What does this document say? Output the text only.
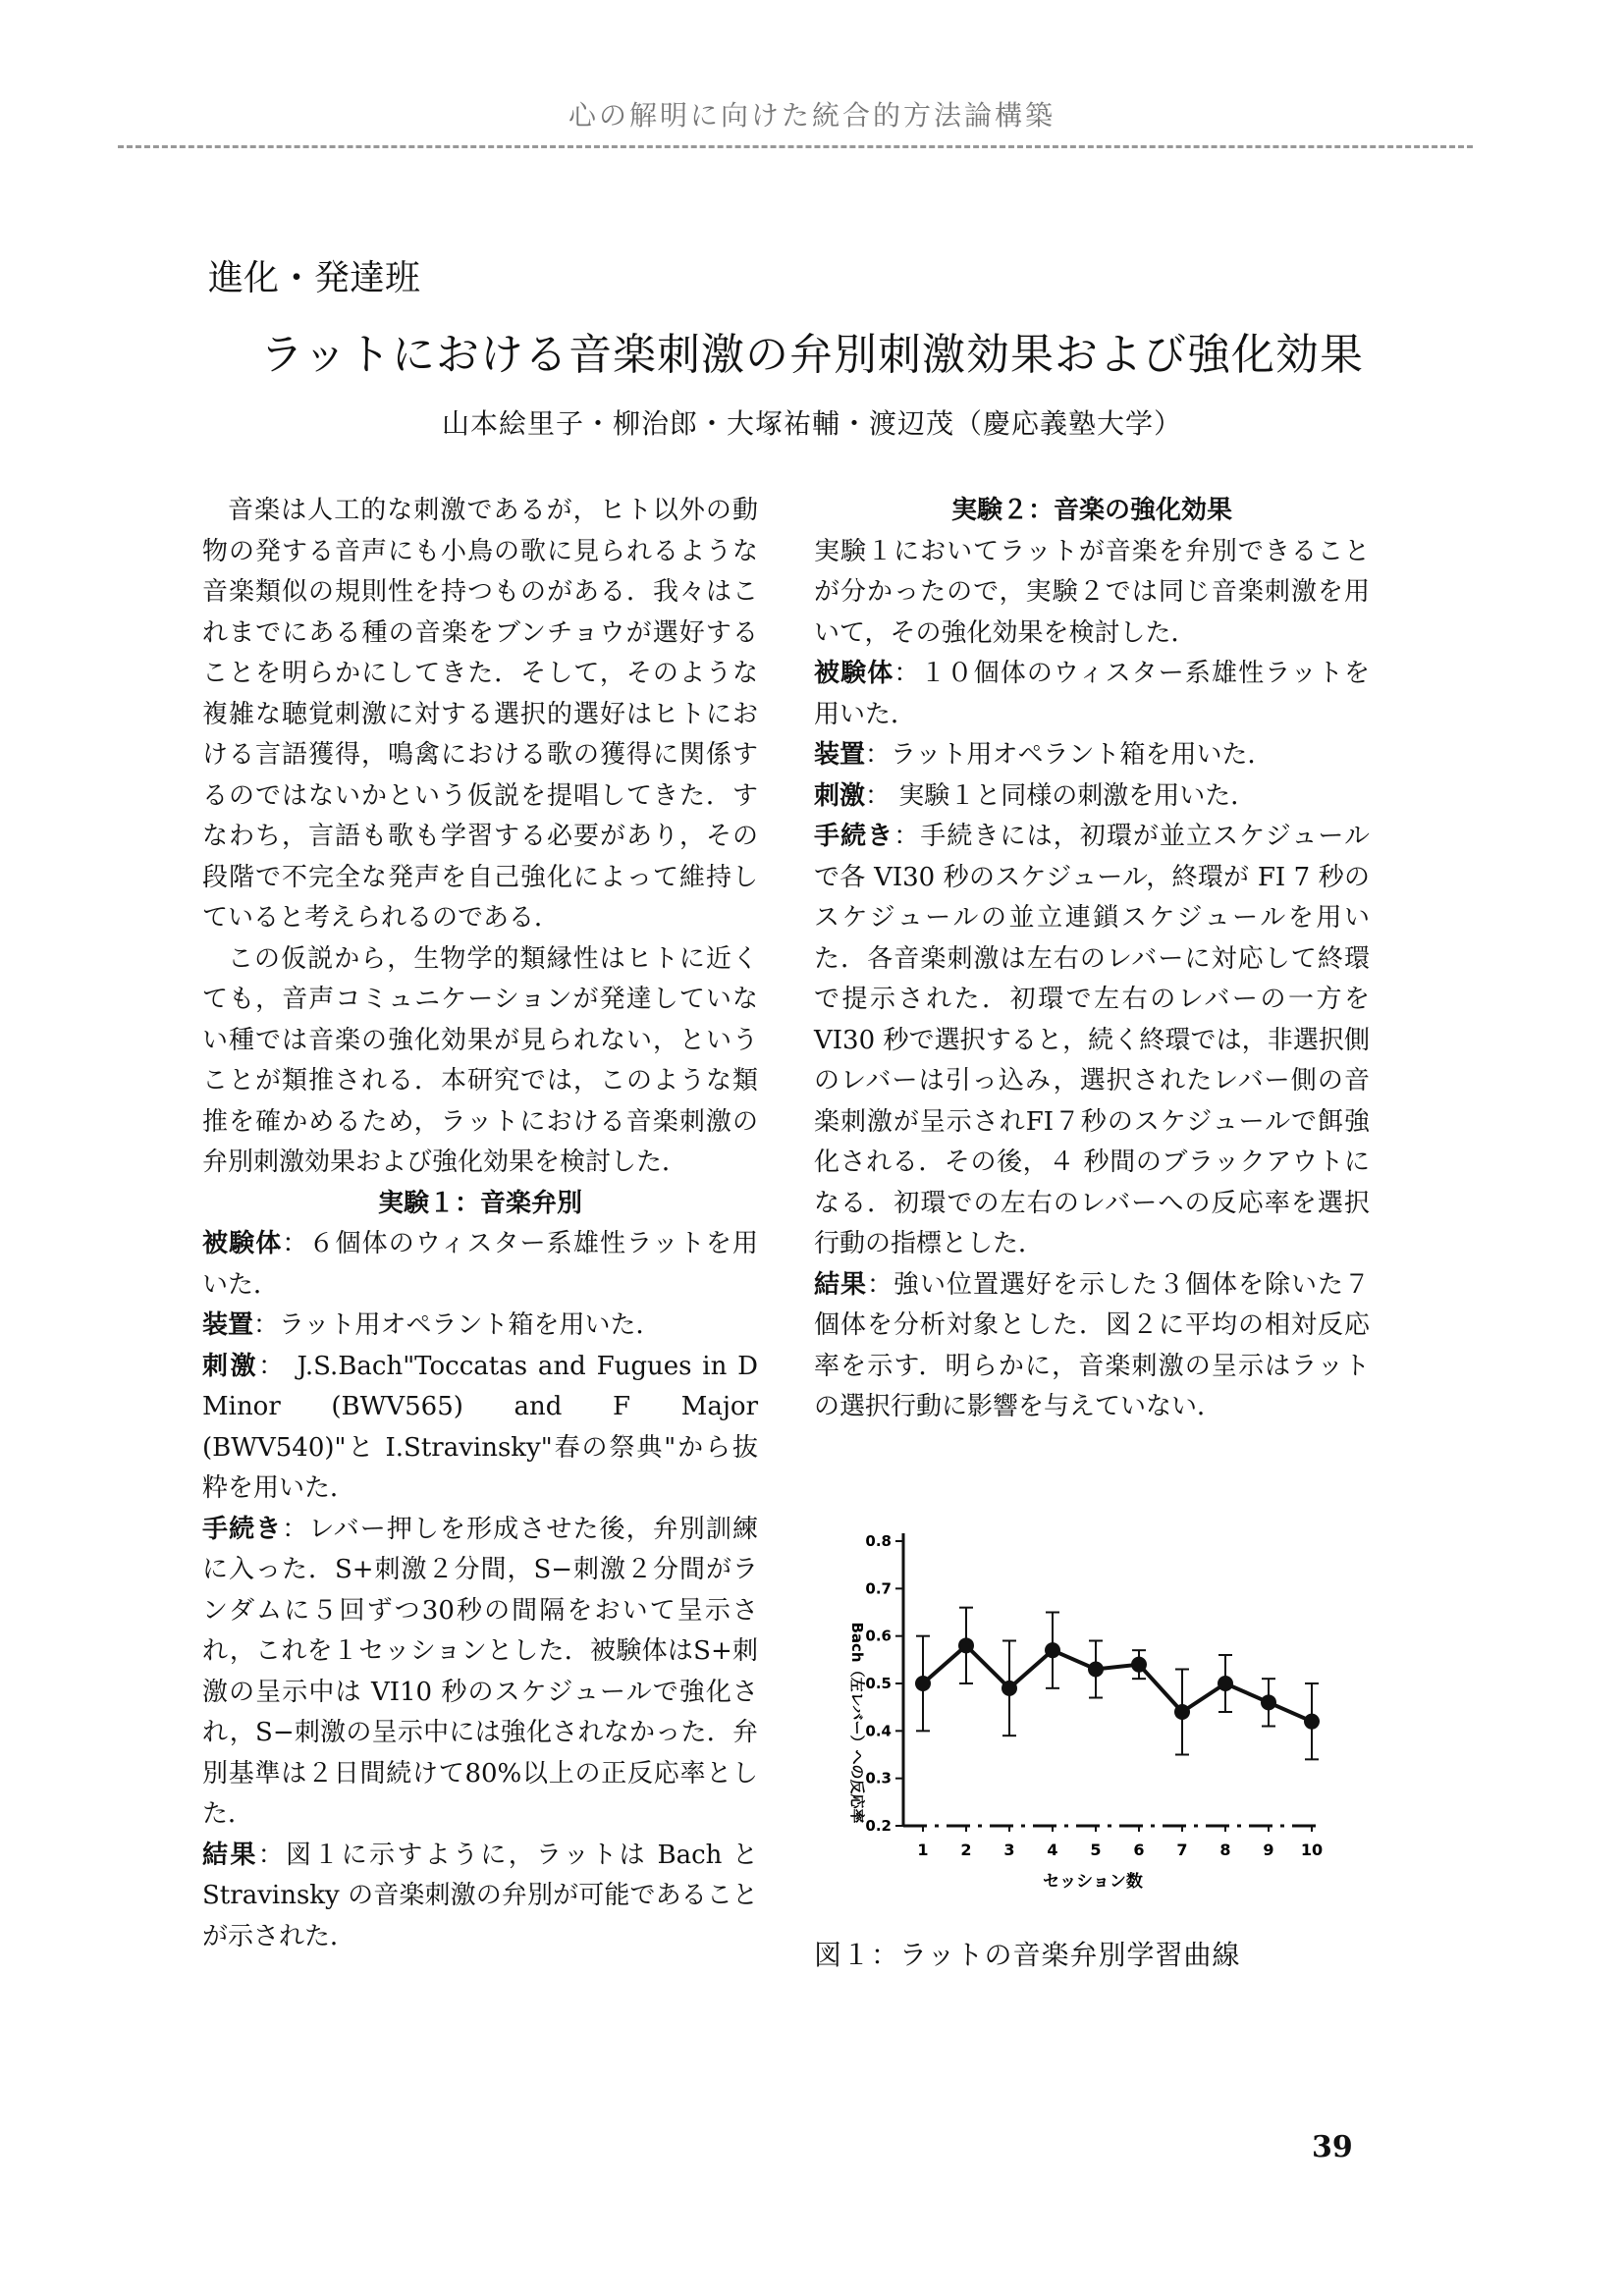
心の解明に向けた統合的方法論構築
進化・発達班
ラットにおける音楽刺激の弁別刺激効果および強化効果
山本絵里子・柳治郎・大塚祐輔・渡辺茂（慶応義塾大学）

音楽は人工的な刺激であるが，ヒト以外の動物の発する音声にも小鳥の歌に見られるような音楽類似の規則性を持つものがある．我々はこれまでにある種の音楽をブンチョウが選好することを明らかにしてきた．そして，そのような複雑な聴覚刺激に対する選択的選好はヒトにおける言語獲得，鳴禽における歌の獲得に関係するのではないかという仮説を提唱してきた．すなわち，言語も歌も学習する必要があり，その段階で不完全な発声を自己強化によって維持していると考えられるのである．

この仮説から，生物学的類縁性はヒトに近くても，音声コミュニケーションが発達していない種では音楽の強化効果が見られない，ということが類推される．本研究では，このような類推を確かめるため，ラットにおける音楽刺激の弁別刺激効果および強化効果を検討した．

実験１：音楽弁別

被験体：６個体のウィスター系雄性ラットを用いた．

装置：ラット用オペラント箱を用いた．

刺激： J.S.Bach"Toccatas and Fugues in D Minor (BWV565) and F Major (BWV540)"と I.Stravinsky"春の祭典"から抜粋を用いた．

手続き：レバー押しを形成させた後，弁別訓練に入った．S+刺激２分間，S−刺激２分間がランダムに５回ずつ30秒の間隔をおいて呈示され，これを１セッションとした．被験体はS+刺激の呈示中は VI10 秒のスケジュールで強化され，S−刺激の呈示中には強化されなかった．弁別基準は２日間続けて80%以上の正反応率とした．

結果：図１に示すように，ラットは Bach と Stravinsky の音楽刺激の弁別が可能であることが示された．

実験２：音楽の強化効果

実験１においてラットが音楽を弁別できることが分かったので，実験２では同じ音楽刺激を用いて，その強化効果を検討した．

被験体：１０個体のウィスター系雄性ラットを用いた．

装置：ラット用オペラント箱を用いた．

刺激： 実験１と同様の刺激を用いた．

手続き：手続きには，初環が並立スケジュールで各 VI30 秒のスケジュール，終環が FI 7 秒のスケジュールの並立連鎖スケジュールを用いた．各音楽刺激は左右のレバーに対応して終環で提示された．初環で左右のレバーの一方を VI30 秒で選択すると，続く終環では，非選択側のレバーは引っ込み，選択されたレバー側の音楽刺激が呈示されFI７秒のスケジュールで餌強化される．その後，４ 秒間のブラックアウトになる．初環での左右のレバーへの反応率を選択行動の指標とした．

結果：強い位置選好を示した３個体を除いた７個体を分析対象とした．図２に平均の相対反応率を示す．明らかに，音楽刺激の呈示はラットの選択行動に影響を与えていない．

Bach（左レバー）への反応率
セッション数
0.8
0.7
0.6
0.5
0.4
0.3
0.2
1 2 3 4 5 6 7 8 9 10
図１：ラットの音楽弁別学習曲線
39
